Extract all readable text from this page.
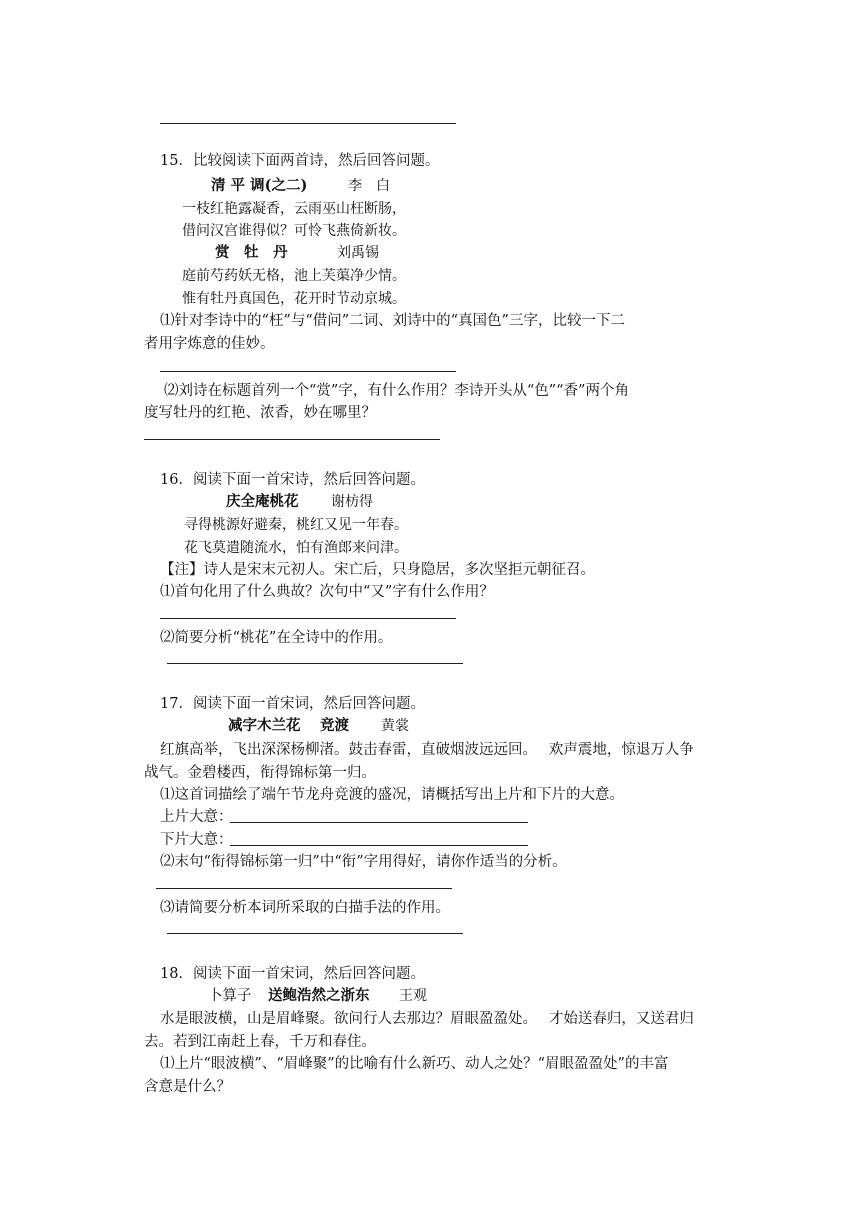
15．比较阅读下面两首诗，然后回答问题。
清 平 调(之二)	李　白
一枝红艳露凝香，云雨巫山枉断肠，
借问汉宫谁得似？可怜飞燕倚新妆。
赏　牡　丹	刘禹锡
庭前芍药妖无格，池上芙蕖净少情。
惟有牡丹真国色，花开时节动京城。
⑴针对李诗中的“枉”与“借问”二词、刘诗中的“真国色”三字，比较一下二
者用字炼意的佳妙。
⑵刘诗在标题首列一个“赏”字，有什么作用？李诗开头从“色”“香”两个角
度写牡丹的红艳、浓香，妙在哪里？
16．阅读下面一首宋诗，然后回答问题。
庆全庵桃花 谢枋得
寻得桃源好避秦，桃红又见一年春。
花飞莫遣随流水，怕有渔郎来问津。
【注】诗人是宋末元初人。宋亡后，只身隐居，多次坚拒元朝征召。
⑴首句化用了什么典故？次句中“又”字有什么作用？
⑵简要分析“桃花”在全诗中的作用。
17．阅读下面一首宋词，然后回答问题。
减字木兰花　 竞渡 黄裳
红旗高举，飞出深深杨柳渚。鼓击春雷，直破烟波远远回。　 欢声震地，惊退万人争
战气。金碧楼西，衔得锦标第一归。
⑴这首词描绘了端午节龙舟竞渡的盛况，请概括写出上片和下片的大意。
上片大意：
下片大意：
⑵末句“衔得锦标第一归”中“衔”字用得好，请你作适当的分析。
⑶请简要分析本词所采取的白描手法的作用。
18．阅读下面一首宋词，然后回答问题。
卜算子 送鲍浩然之浙东 王观
水是眼波横，山是眉峰聚。欲问行人去那边？眉眼盈盈处。　 才始送春归，又送君归
去。若到江南赶上春，千万和春住。
⑴上片“眼波横”、“眉峰聚”的比喻有什么新巧、动人之处？“眉眼盈盈处”的丰富
含意是什么？
